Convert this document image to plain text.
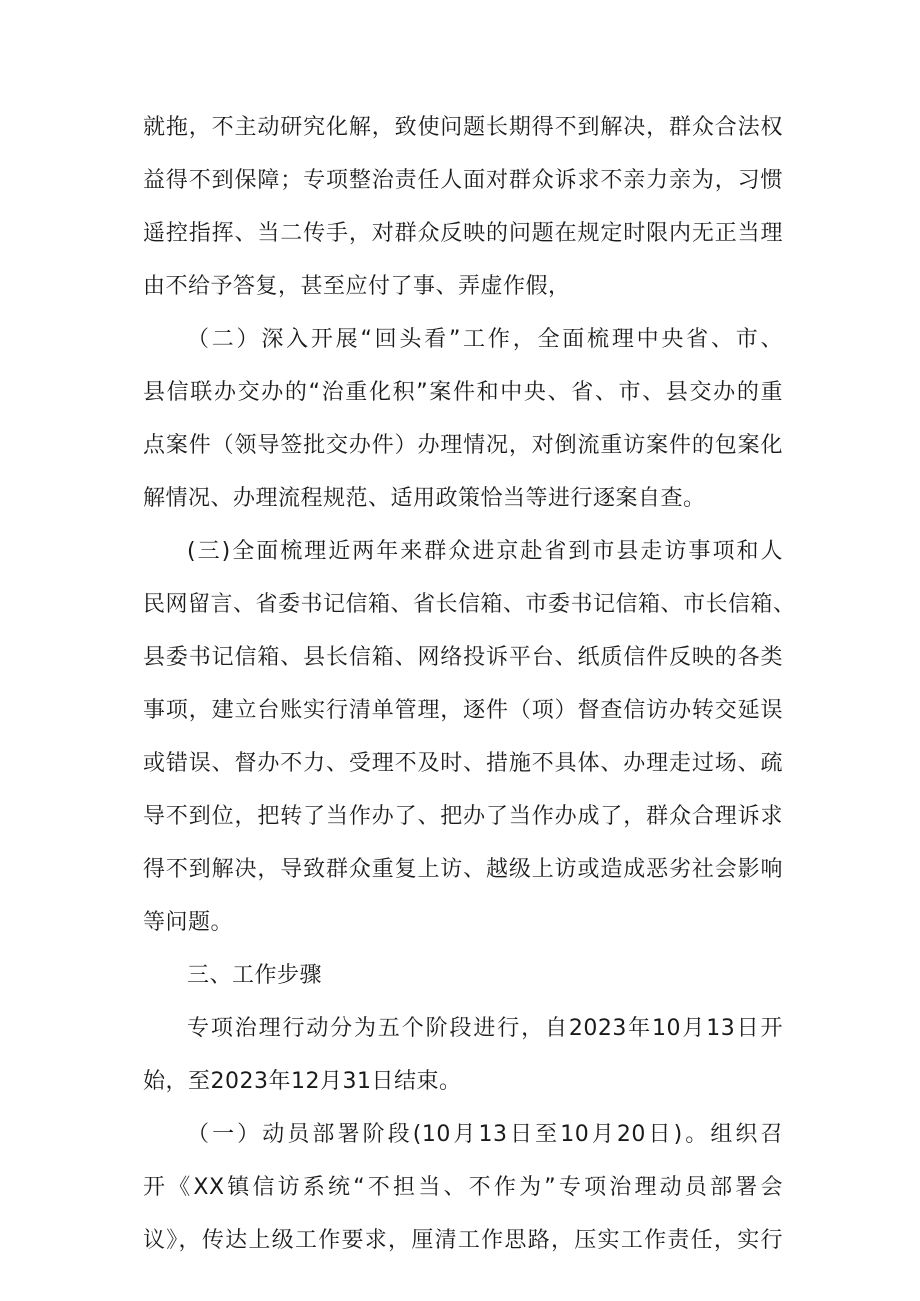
就拖，不主动研究化解，致使问题长期得不到解决，群众合法权
益得不到保障；专项整治责任人面对群众诉求不亲力亲为，习惯
遥控指挥、当二传手，对群众反映的问题在规定时限内无正当理
由不给予答复，甚至应付了事、弄虚作假，
（二）深入开展“回头看”工作，全面梳理中央省、市、
县信联办交办的“治重化积”案件和中央、省、市、县交办的重
点案件（领导签批交办件）办理情况，对倒流重访案件的包案化
解情况、办理流程规范、适用政策恰当等进行逐案自查。
(三)全面梳理近两年来群众进京赴省到市县走访事项和人
民网留言、省委书记信箱、省长信箱、市委书记信箱、市长信箱、
县委书记信箱、县长信箱、网络投诉平台、纸质信件反映的各类
事项，建立台账实行清单管理，逐件（项）督查信访办转交延误
或错误、督办不力、受理不及时、措施不具体、办理走过场、疏
导不到位，把转了当作办了、把办了当作办成了，群众合理诉求
得不到解决，导致群众重复上访、越级上访或造成恶劣社会影响
等问题。
三、工作步骤
专项治理行动分为五个阶段进行，自2023年10月13日开
始，至2023年12月31日结束。
（一）动员部署阶段(10月13日至10月20日)。组织召
开《XX镇信访系统“不担当、不作为”专项治理动员部署会
议》，传达上级工作要求，厘清工作思路，压实工作责任，实行
